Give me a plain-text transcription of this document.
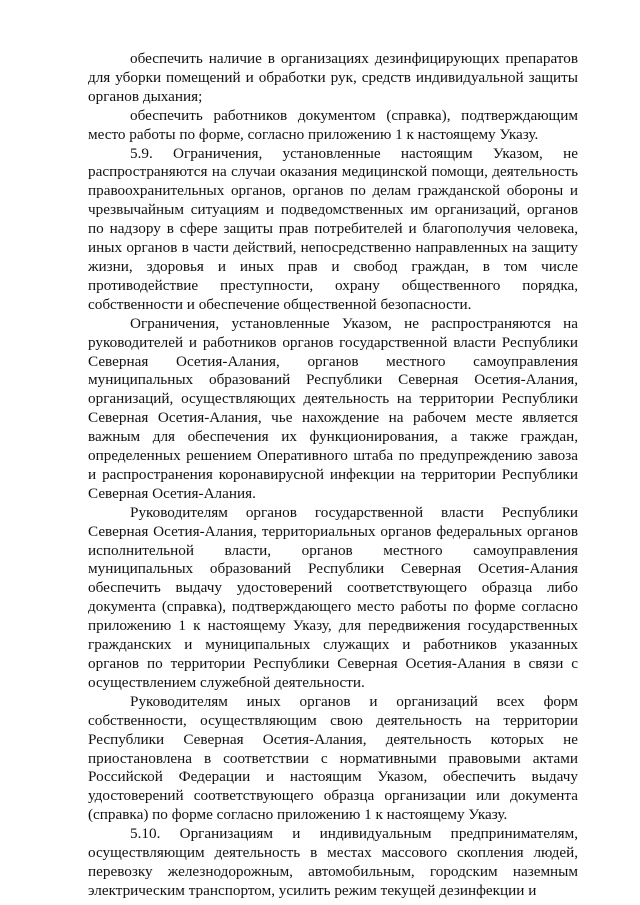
обеспечить наличие в организациях дезинфицирующих препаратов для уборки помещений и обработки рук, средств индивидуальной защиты органов дыхания;

обеспечить работников документом (справка), подтверждающим место работы по форме, согласно приложению 1 к настоящему Указу.

5.9. Ограничения, установленные настоящим Указом, не распространяются на случаи оказания медицинской помощи, деятельность правоохранительных органов, органов по делам гражданской обороны и чрезвычайным ситуациям и подведомственных им организаций, органов по надзору в сфере защиты прав потребителей и благополучия человека, иных органов в части действий, непосредственно направленных на защиту жизни, здоровья и иных прав и свобод граждан, в том числе противодействие преступности, охрану общественного порядка, собственности и обеспечение общественной безопасности.

Ограничения, установленные Указом, не распространяются на руководителей и работников органов государственной власти Республики Северная Осетия-Алания, органов местного самоуправления муниципальных образований Республики Северная Осетия-Алания, организаций, осуществляющих деятельность на территории Республики Северная Осетия-Алания, чье нахождение на рабочем месте является важным для обеспечения их функционирования, а также граждан, определенных решением Оперативного штаба по предупреждению завоза и распространения коронавирусной инфекции на территории Республики Северная Осетия-Алания.

Руководителям органов государственной власти Республики Северная Осетия-Алания, территориальных органов федеральных органов исполнительной власти, органов местного самоуправления муниципальных образований Республики Северная Осетия-Алания обеспечить выдачу удостоверений соответствующего образца либо документа (справка), подтверждающего место работы по форме согласно приложению 1 к настоящему Указу, для передвижения государственных гражданских и муниципальных служащих и работников указанных органов по территории Республики Северная Осетия-Алания в связи с осуществлением служебной деятельности.

Руководителям иных органов и организаций всех форм собственности, осуществляющим свою деятельность на территории Республики Северная Осетия-Алания, деятельность которых не приостановлена в соответствии с нормативными правовыми актами Российской Федерации и настоящим Указом, обеспечить выдачу удостоверений соответствующего образца организации или документа (справка) по форме согласно приложению 1 к настоящему Указу.

5.10. Организациям и индивидуальным предпринимателям, осуществляющим деятельность в местах массового скопления людей, перевозку железнодорожным, автомобильным, городским наземным электрическим транспортом, усилить режим текущей дезинфекции и
